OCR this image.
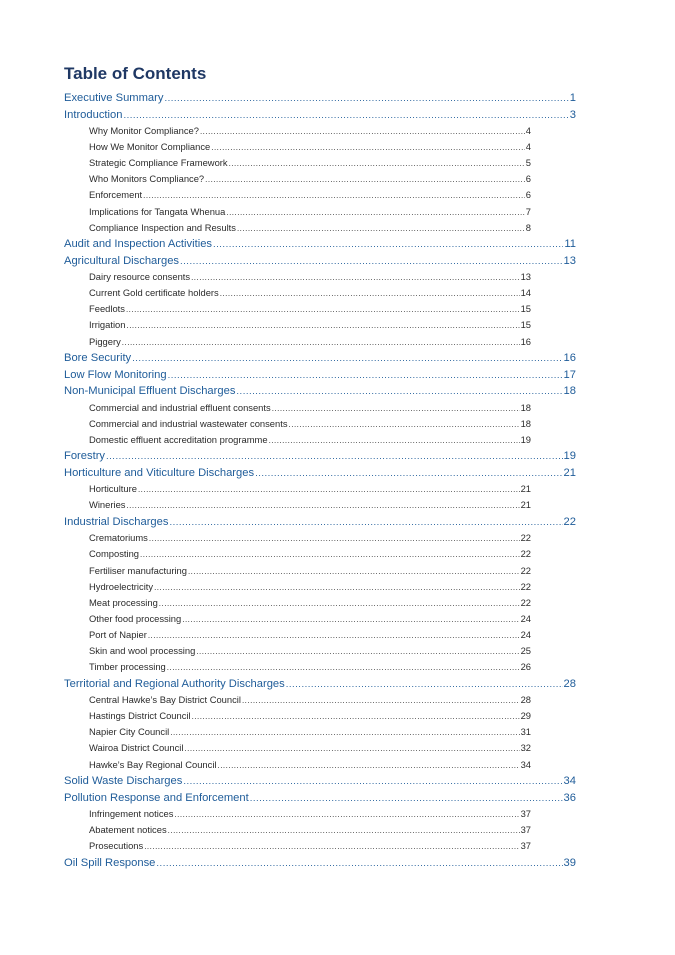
Table of Contents
Executive Summary .....	1
Introduction .....	3
Why Monitor Compliance? .....	4
How We Monitor Compliance .....	4
Strategic Compliance Framework .....	5
Who Monitors Compliance? .....	6
Enforcement .....	6
Implications for Tangata Whenua .....	7
Compliance Inspection and Results .....	8
Audit and Inspection Activities .....	11
Agricultural Discharges .....	13
Dairy resource consents .....	13
Current Gold certificate holders .....	14
Feedlots .....	15
Irrigation .....	15
Piggery .....	16
Bore Security .....	16
Low Flow Monitoring .....	17
Non-Municipal Effluent Discharges .....	18
Commercial and industrial effluent consents .....	18
Commercial and industrial wastewater consents .....	18
Domestic effluent accreditation programme .....	19
Forestry .....	19
Horticulture and Viticulture Discharges .....	21
Horticulture .....	21
Wineries .....	21
Industrial Discharges .....	22
Crematoriums .....	22
Composting .....	22
Fertiliser manufacturing .....	22
Hydroelectricity .....	22
Meat processing .....	22
Other food processing .....	24
Port of Napier .....	24
Skin and wool processing .....	25
Timber processing .....	26
Territorial and Regional Authority Discharges .....	28
Central Hawke’s Bay District Council .....	28
Hastings District Council .....	29
Napier City Council .....	31
Wairoa District Council .....	32
Hawke’s Bay Regional Council .....	34
Solid Waste Discharges .....	34
Pollution Response and Enforcement .....	36
Infringement notices .....	37
Abatement notices .....	37
Prosecutions .....	37
Oil Spill Response .....	39
